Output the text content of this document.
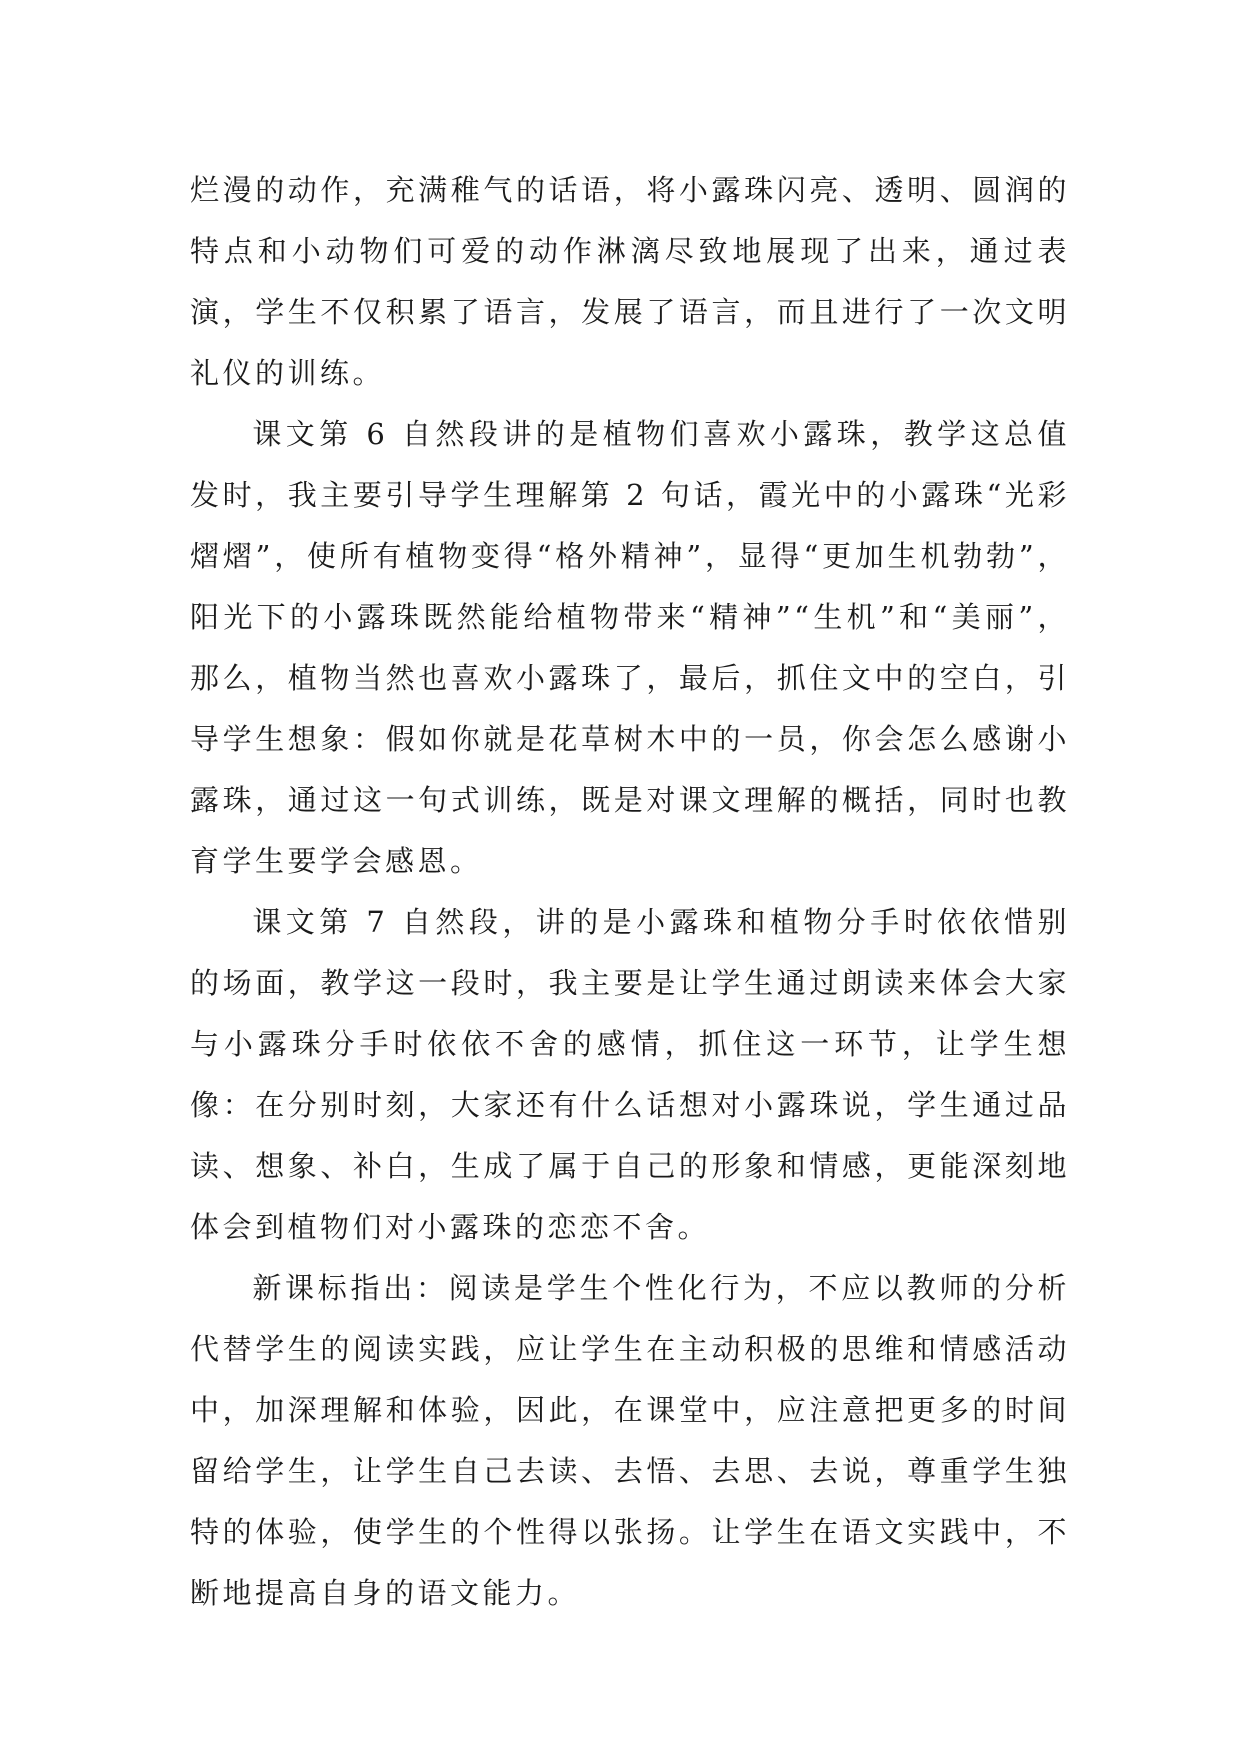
烂漫的动作，充满稚气的话语，将小露珠闪亮、透明、圆润的特点和小动物们可爱的动作淋漓尽致地展现了出来，通过表演，学生不仅积累了语言，发展了语言，而且进行了一次文明礼仪的训练。

课文第 6 自然段讲的是植物们喜欢小露珠，教学这总值发时，我主要引导学生理解第 2 句话，霞光中的小露珠“光彩熠熠”，使所有植物变得“格外精神”，显得“更加生机勃勃”，阳光下的小露珠既然能给植物带来“精神”“生机”和“美丽”，那么，植物当然也喜欢小露珠了，最后，抓住文中的空白，引导学生想象：假如你就是花草树木中的一员，你会怎么感谢小露珠，通过这一句式训练，既是对课文理解的概括，同时也教育学生要学会感恩。

课文第 7 自然段，讲的是小露珠和植物分手时依依惜别的场面，教学这一段时，我主要是让学生通过朗读来体会大家与小露珠分手时依依不舍的感情，抓住这一环节，让学生想像：在分别时刻，大家还有什么话想对小露珠说，学生通过品读、想象、补白，生成了属于自己的形象和情感，更能深刻地体会到植物们对小露珠的恋恋不舍。

新课标指出：阅读是学生个性化行为，不应以教师的分析代替学生的阅读实践，应让学生在主动积极的思维和情感活动中，加深理解和体验，因此，在课堂中，应注意把更多的时间留给学生，让学生自己去读、去悟、去思、去说，尊重学生独特的体验，使学生的个性得以张扬。让学生在语文实践中，不断地提高自身的语文能力。
